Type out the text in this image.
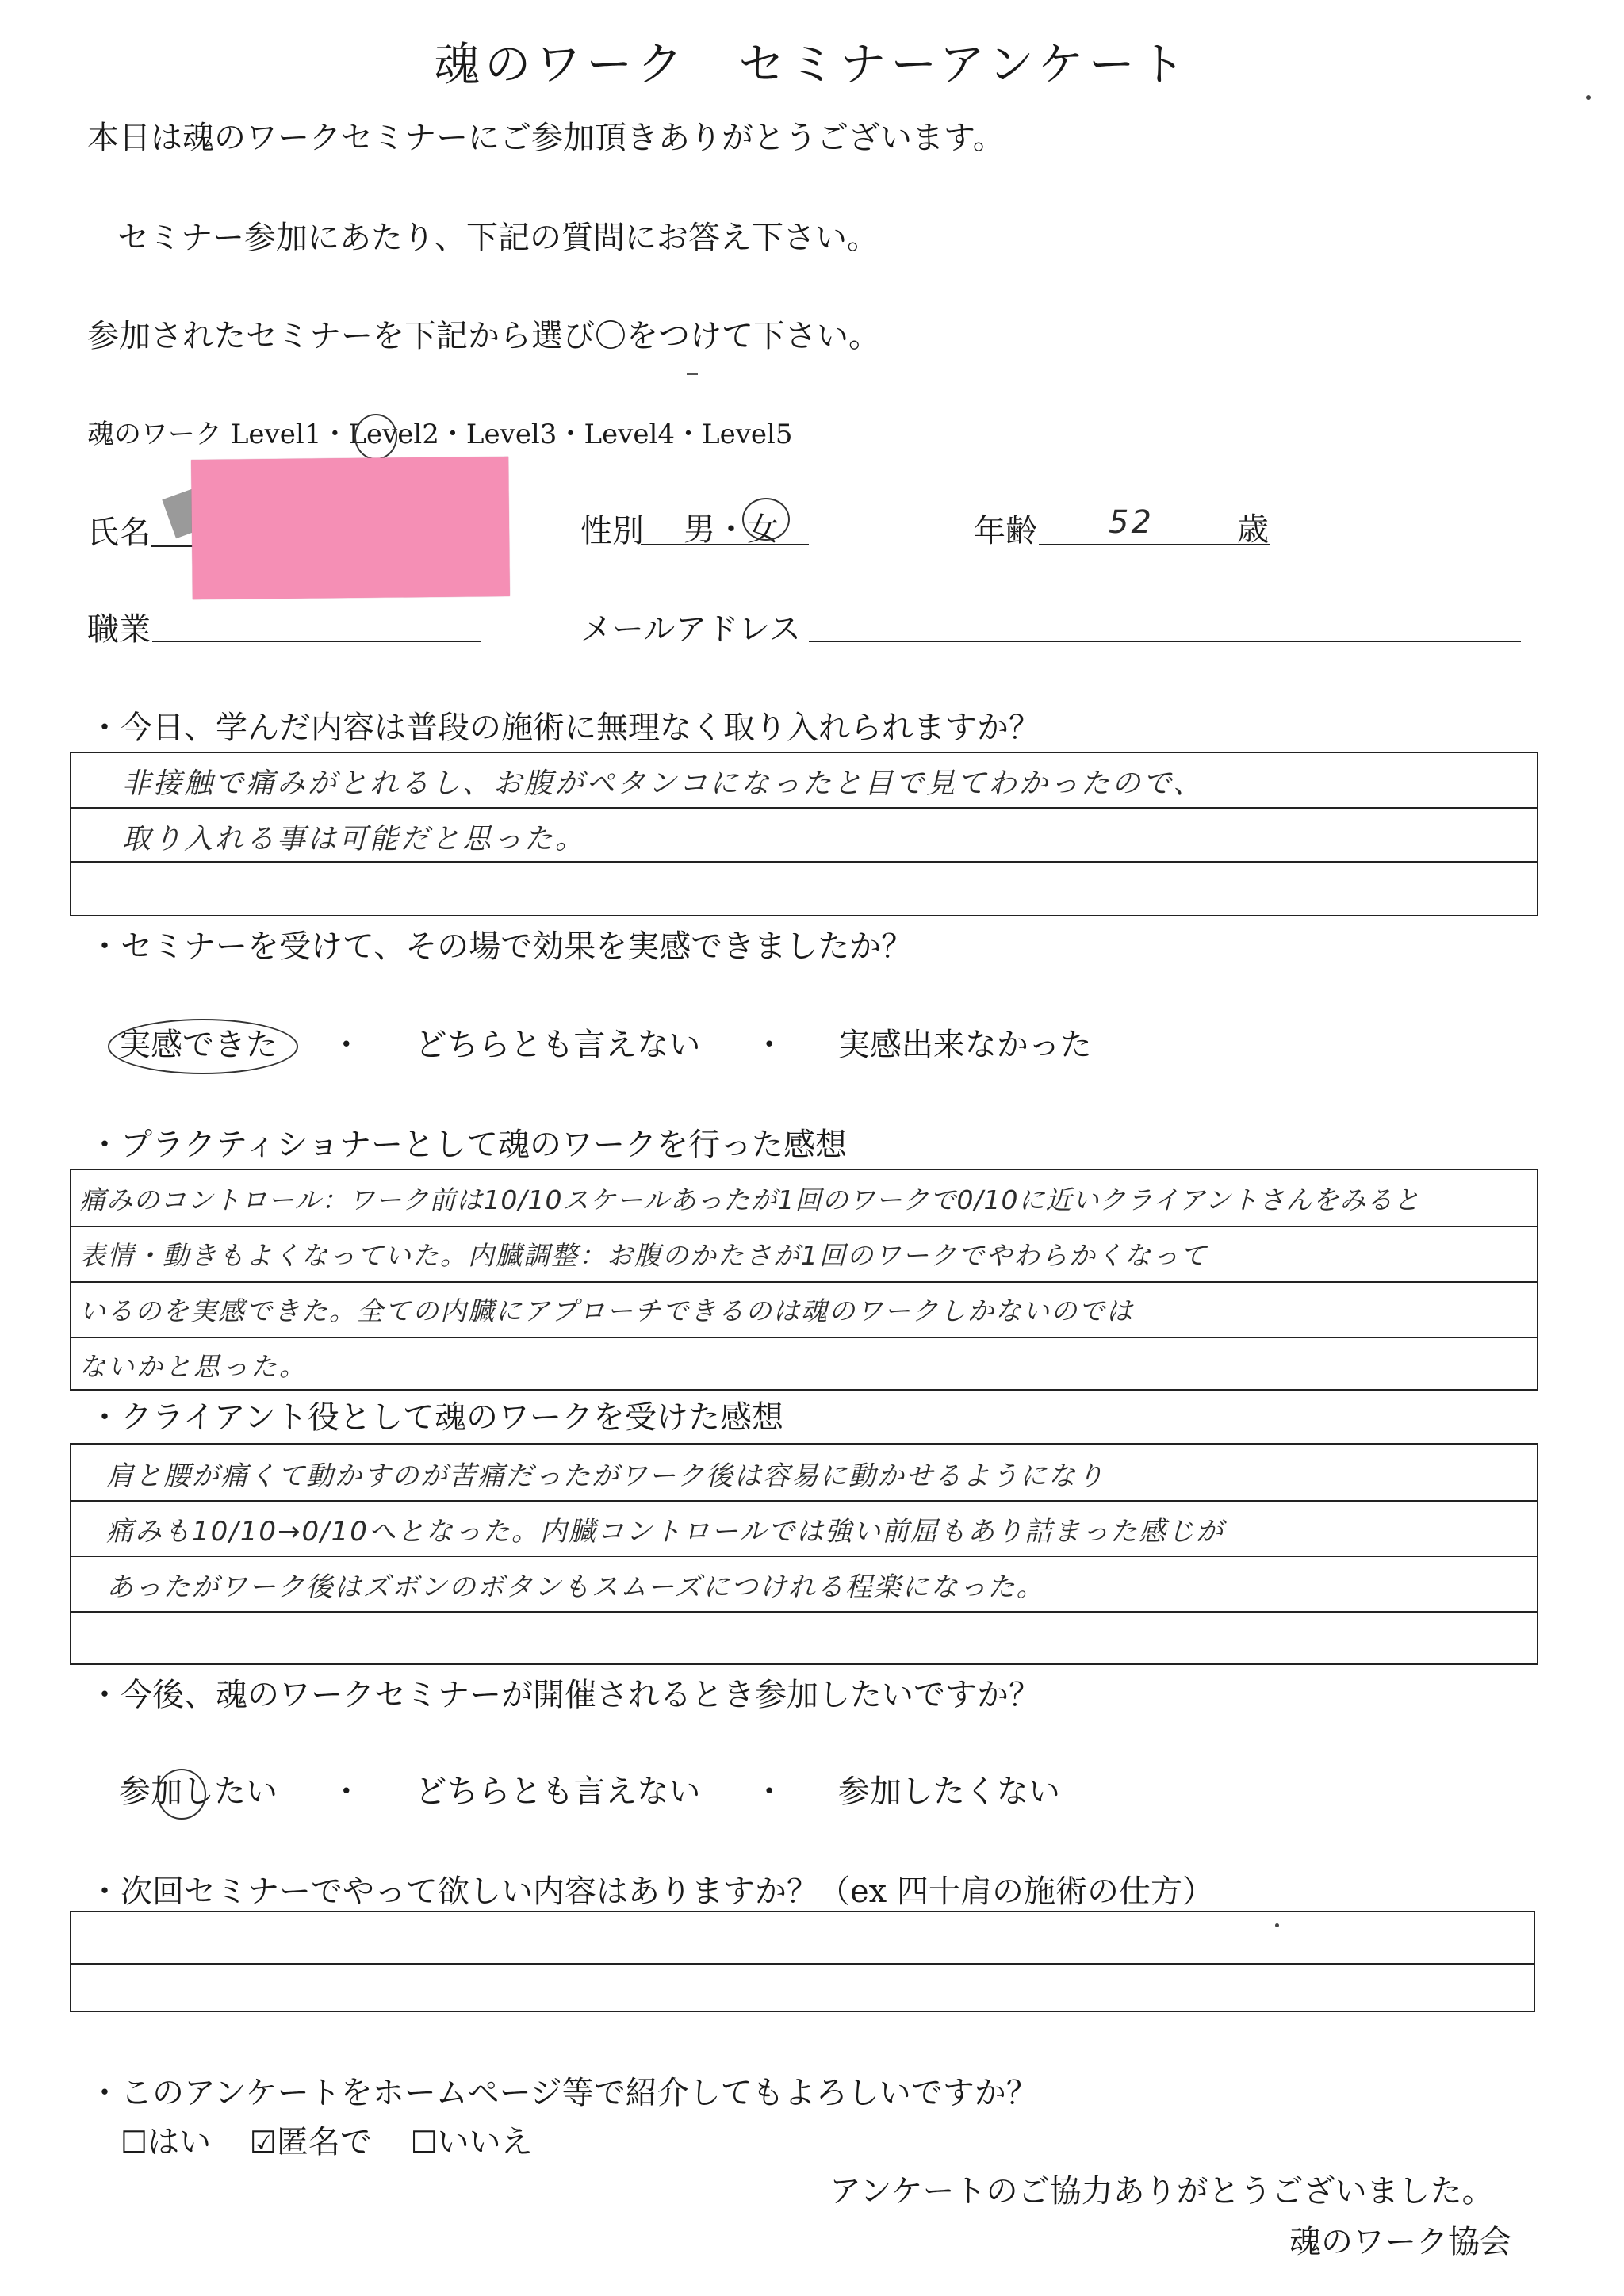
魂のワーク　セミナーアンケート
本日は魂のワークセミナーにご参加頂きありがとうございます。
セミナー参加にあたり、下記の質問にお答え下さい。
参加されたセミナーを下記から選び〇をつけて下さい。
魂のワーク Level1・Level2
・Level3・Level4・Level5
氏名	性別 男・女	年齢 52	歳
職業	メールアドレス
・今日、学んだ内容は普段の施術に無理なく取り入れられますか？
非接触で痛みがとれるし、お腹がペタンコになったと目で見てわかったので、
取り入れる事は可能だと思った。
・セミナーを受けて、その場で効果を実感できましたか？
実感できた ・ どちらとも言えない ・ 実感出来なかった
・プラクティショナーとして魂のワークを行った感想
痛みのコントロール：ワーク前は10/10スケールあったが1回のワークで0/10に近いクライアントさんをみると
表情・動きもよくなっていた。内臓調整：お腹のかたさが1回のワークでやわらかくなって
いるのを実感できた。全ての内臓にアプローチできるのは魂のワークしかないのでは
ないかと思った。
・クライアント役として魂のワークを受けた感想
肩と腰が痛くて動かすのが苦痛だったがワーク後は容易に動かせるようになり
痛みも10/10→0/10へとなった。内臓コントロールでは強い前屈もあり詰まった感じが
あったがワーク後はズボンのボタンもスムーズにつけれる程楽になった。
・今後、魂のワークセミナーが開催されるとき参加したいですか？
参加したい ・ どちらとも言えない ・ 参加したくない
・次回セミナーでやって欲しい内容はありますか？（ex 四十肩の施術の仕方）
・このアンケートをホームページ等で紹介してもよろしいですか？
☐はい ☑匿名で ☐いいえ
アンケートのご協力ありがとうございました。
魂のワーク協会
